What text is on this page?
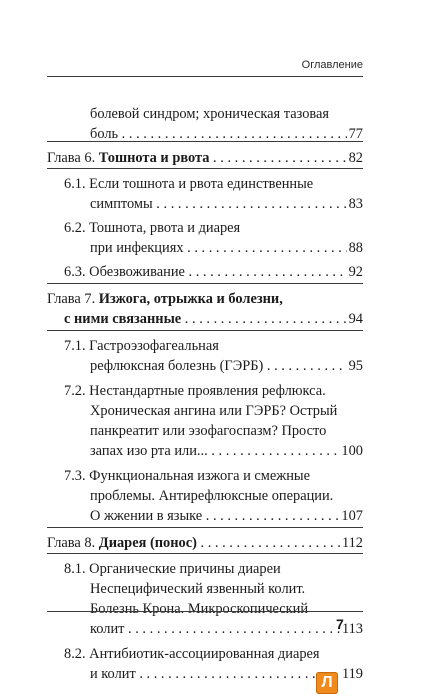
Оглавление
болевой синдром; хроническая тазовая
боль	77
. . .
Глава 6. Тошнота и рвота	82
. . .
6.1. Если тошнота и рвота единственные
симптомы	83
. . .
6.2. Тошнота, рвота и диарея
при инфекциях	88
. . .
6.3. Обезвоживание	92
. . .
Глава 7. Изжога, отрыжка и болезни,
с ними связанные	94
. . .
7.1. Гастроэзофагеальная
рефлюксная болезнь (ГЭРБ)	95
. . .
7.2. Нестандартные проявления рефлюкса.
Хроническая ангина или ГЭРБ? Острый
панкреатит или эзофагоспазм? Просто
запах изо рта или...	100
. . .
7.3. Функциональная изжога и смежные
проблемы. Антирефлюксные операции.
О жжении в языке	107
. . .
Глава 8. Диарея (понос)	112
. . .
8.1. Органические причины диареи
Неспецифический язвенный колит.
Болезнь Крона. Микроскопический
колит	113
. . .
8.2. Антибиотик-ассоциированная диарея
и колит	119
. . .
7
Л
